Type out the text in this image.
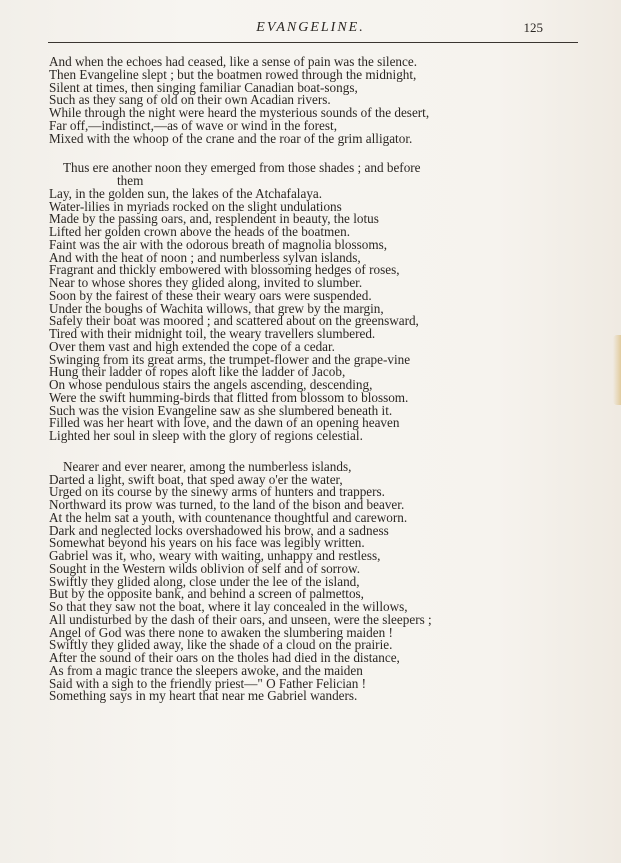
EVANGELINE.	125
And when the echoes had ceased, like a sense of pain was the silence.
Then Evangeline slept ; but the boatmen rowed through the midnight,
Silent at times, then singing familiar Canadian boat-songs,
Such as they sang of old on their own Acadian rivers.
While through the night were heard the mysterious sounds of the desert,
Far off,—indistinct,—as of wave or wind in the forest,
Mixed with the whoop of the crane and the roar of the grim alligator.
Thus ere another noon they emerged from those shades ; and before
them
Lay, in the golden sun, the lakes of the Atchafalaya.
Water-lilies in myriads rocked on the slight undulations
Made by the passing oars, and, resplendent in beauty, the lotus
Lifted her golden crown above the heads of the boatmen.
Faint was the air with the odorous breath of magnolia blossoms,
And with the heat of noon ; and numberless sylvan islands,
Fragrant and thickly embowered with blossoming hedges of roses,
Near to whose shores they glided along, invited to slumber.
Soon by the fairest of these their weary oars were suspended.
Under the boughs of Wachita willows, that grew by the margin,
Safely their boat was moored ; and scattered about on the greensward,
Tired with their midnight toil, the weary travellers slumbered.
Over them vast and high extended the cope of a cedar.
Swinging from its great arms, the trumpet-flower and the grape-vine
Hung their ladder of ropes aloft like the ladder of Jacob,
On whose pendulous stairs the angels ascending, descending,
Were the swift humming-birds that flitted from blossom to blossom.
Such was the vision Evangeline saw as she slumbered beneath it.
Filled was her heart with love, and the dawn of an opening heaven
Lighted her soul in sleep with the glory of regions celestial.
Nearer and ever nearer, among the numberless islands,
Darted a light, swift boat, that sped away o'er the water,
Urged on its course by the sinewy arms of hunters and trappers.
Northward its prow was turned, to the land of the bison and beaver.
At the helm sat a youth, with countenance thoughtful and careworn.
Dark and neglected locks overshadowed his brow, and a sadness
Somewhat beyond his years on his face was legibly written.
Gabriel was it, who, weary with waiting, unhappy and restless,
Sought in the Western wilds oblivion of self and of sorrow.
Swiftly they glided along, close under the lee of the island,
But by the opposite bank, and behind a screen of palmettos,
So that they saw not the boat, where it lay concealed in the willows,
All undisturbed by the dash of their oars, and unseen, were the sleepers ;
Angel of God was there none to awaken the slumbering maiden !
Swiftly they glided away, like the shade of a cloud on the prairie.
After the sound of their oars on the tholes had died in the distance,
As from a magic trance the sleepers awoke, and the maiden
Said with a sigh to the friendly priest—" O Father Felician !
Something says in my heart that near me Gabriel wanders.
